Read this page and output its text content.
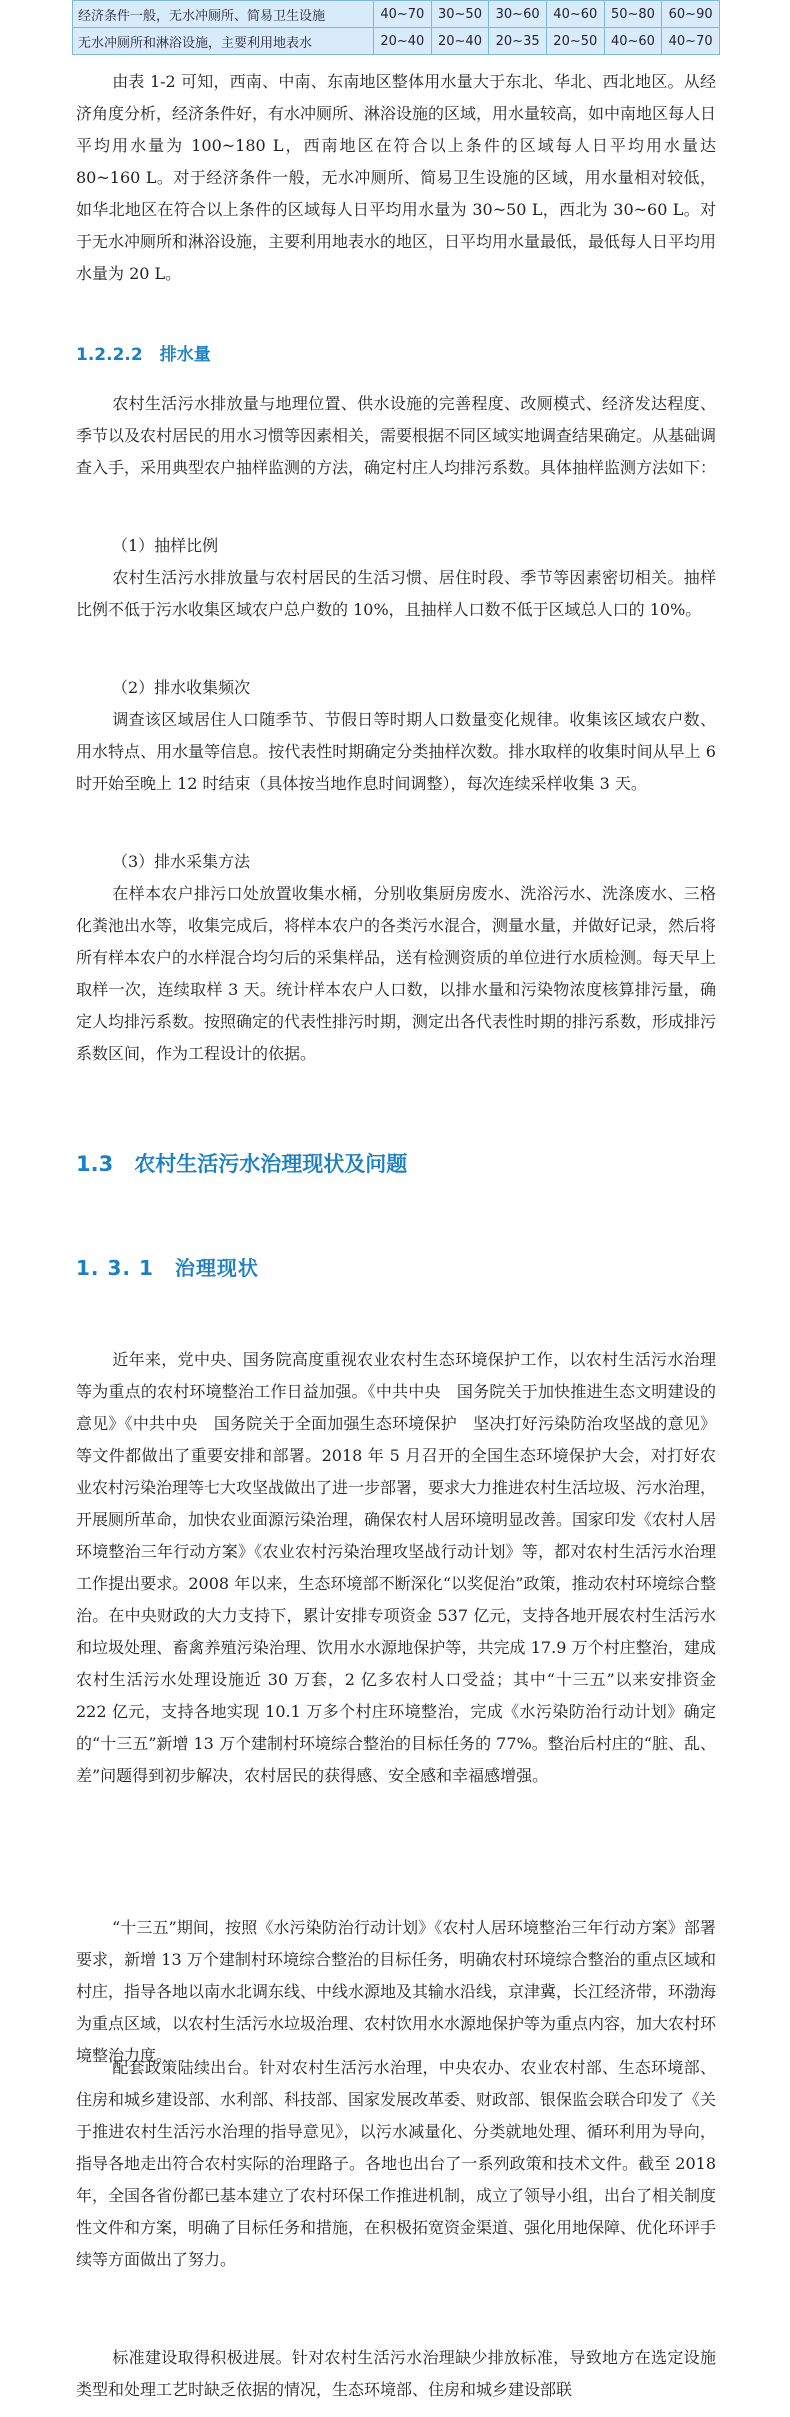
经济条件一般，无水冲厕所、简易卫生设施	40~70	30~50	30~60	40~60	50~80	60~90
无水冲厕所和淋浴设施，主要利用地表水	20~40	20~40	20~35	20~50	40~60	40~70

由表 1-2 可知，西南、中南、东南地区整体用水量大于东北、华北、西北地区。从经济角度分析，经济条件好，有水冲厕所、淋浴设施的区域，用水量较高，如中南地区每人日平均用水量为 100~180 L，西南地区在符合以上条件的区域每人日平均用水量达 80~160 L。对于经济条件一般，无水冲厕所、简易卫生设施的区域，用水量相对较低，如华北地区在符合以上条件的区域每人日平均用水量为 30~50 L，西北为 30~60 L。对于无水冲厕所和淋浴设施，主要利用地表水的地区，日平均用水量最低，最低每人日平均用水量为 20 L。

1.2.2.2　排水量

农村生活污水排放量与地理位置、供水设施的完善程度、改厕模式、经济发达程度、季节以及农村居民的用水习惯等因素相关，需要根据不同区域实地调查结果确定。从基础调查入手，采用典型农户抽样监测的方法，确定村庄人均排污系数。具体抽样监测方法如下：

（1）抽样比例

农村生活污水排放量与农村居民的生活习惯、居住时段、季节等因素密切相关。抽样比例不低于污水收集区域农户总户数的 10%，且抽样人口数不低于区域总人口的 10%。

（2）排水收集频次

调查该区域居住人口随季节、节假日等时期人口数量变化规律。收集该区域农户数、用水特点、用水量等信息。按代表性时期确定分类抽样次数。排水取样的收集时间从早上 6 时开始至晚上 12 时结束（具体按当地作息时间调整），每次连续采样收集 3 天。

（3）排水采集方法

在样本农户排污口处放置收集水桶，分别收集厨房废水、洗浴污水、洗涤废水、三格化粪池出水等，收集完成后，将样本农户的各类污水混合，测量水量，并做好记录，然后将所有样本农户的水样混合均匀后的采集样品，送有检测资质的单位进行水质检测。每天早上取样一次，连续取样 3 天。统计样本农户人口数，以排水量和污染物浓度核算排污量，确定人均排污系数。按照确定的代表性排污时期，测定出各代表性时期的排污系数，形成排污系数区间，作为工程设计的依据。

1.3　农村生活污水治理现状及问题
1. 3. 1　治理现状

近年来，党中央、国务院高度重视农业农村生态环境保护工作，以农村生活污水治理等为重点的农村环境整治工作日益加强。《中共中央　国务院关于加快推进生态文明建设的意见》《中共中央　国务院关于全面加强生态环境保护　坚决打好污染防治攻坚战的意见》等文件都做出了重要安排和部署。2018 年 5 月召开的全国生态环境保护大会，对打好农业农村污染治理等七大攻坚战做出了进一步部署，要求大力推进农村生活垃圾、污水治理，开展厕所革命，加快农业面源污染治理，确保农村人居环境明显改善。国家印发《农村人居环境整治三年行动方案》《农业农村污染治理攻坚战行动计划》等，都对农村生活污水治理工作提出要求。2008 年以来，生态环境部不断深化“以奖促治”政策，推动农村环境综合整治。在中央财政的大力支持下，累计安排专项资金 537 亿元，支持各地开展农村生活污水和垃圾处理、畜禽养殖污染治理、饮用水水源地保护等，共完成 17.9 万个村庄整治，建成农村生活污水处理设施近 30 万套，2 亿多农村人口受益；其中“十三五”以来安排资金 222 亿元，支持各地实现 10.1 万多个村庄环境整治，完成《水污染防治行动计划》确定的“十三五”新增 13 万个建制村环境综合整治的目标任务的 77%。整治后村庄的“脏、乱、差”问题得到初步解决，农村居民的获得感、安全感和幸福感增强。

“十三五”期间，按照《水污染防治行动计划》《农村人居环境整治三年行动方案》部署要求，新增 13 万个建制村环境综合整治的目标任务，明确农村环境综合整治的重点区域和村庄，指导各地以南水北调东线、中线水源地及其输水沿线，京津冀，长江经济带，环渤海为重点区域，以农村生活污水垃圾治理、农村饮用水水源地保护等为重点内容，加大农村环境整治力度。

配套政策陆续出台。针对农村生活污水治理，中央农办、农业农村部、生态环境部、住房和城乡建设部、水利部、科技部、国家发展改革委、财政部、银保监会联合印发了《关于推进农村生活污水治理的指导意见》，以污水减量化、分类就地处理、循环利用为导向，指导各地走出符合农村实际的治理路子。各地也出台了一系列政策和技术文件。截至 2018 年，全国各省份都已基本建立了农村环保工作推进机制，成立了领导小组，出台了相关制度性文件和方案，明确了目标任务和措施，在积极拓宽资金渠道、强化用地保障、优化环评手续等方面做出了努力。

标准建设取得积极进展。针对农村生活污水治理缺少排放标准，导致地方在选定设施类型和处理工艺时缺乏依据的情况，生态环境部、住房和城乡建设部联
